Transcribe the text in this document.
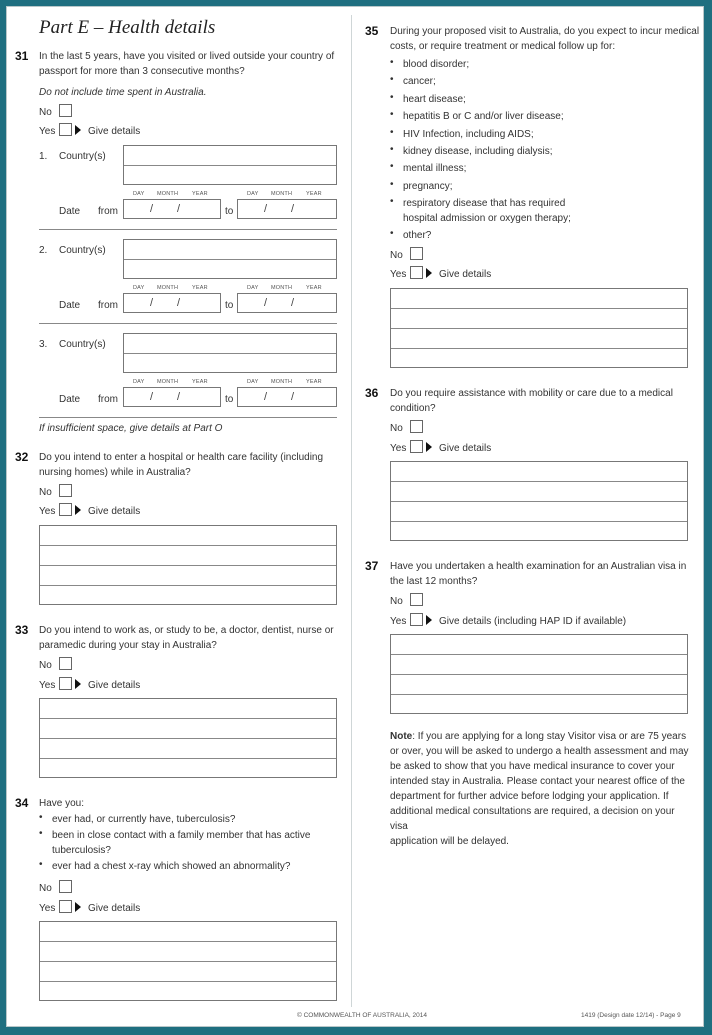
Part E – Health details
31 In the last 5 years, have you visited or lived outside your country of
passport for more than 3 consecutive months?
Do not include time spent in Australia.
No
Yes	Give details
1. Country(s)
DAY MONTH	YEAR	DAY MONTH	YEAR
Date from	/ /	to	/ /
2. Country(s)
DAY MONTH	YEAR	DAY MONTH	YEAR
Date from	/ /	to	/ /
3. Country(s)
DAY MONTH	YEAR	DAY MONTH	YEAR
Date from	/ /	to	/ /
If insufficient space, give details at Part O
32 Do you intend to enter a hospital or health care facility (including
nursing homes) while in Australia?
No
Yes	Give details
33 Do you intend to work as, or study to be, a doctor, dentist, nurse or
paramedic during your stay in Australia?
No
Yes	Give details
34 Have you:
• ever had, or currently have, tuberculosis?
• been in close contact with a family member that has active
tuberculosis?
• ever had a chest x-ray which showed an abnormality?
No
Yes	Give details
35 During your proposed visit to Australia, do you expect to incur medical
costs, or require treatment or medical follow up for:
• blood disorder;
• cancer;
• heart disease;
• hepatitis B or C and/or liver disease;
• HIV Infection, including AIDS;
• kidney disease, including dialysis;
• mental illness;
• pregnancy;
• respiratory disease that has required
hospital admission or oxygen therapy;
• other?
No
Yes	Give details
36 Do you require assistance with mobility or care due to a medical
condition?
No
Yes	Give details
37 Have you undertaken a health examination for an Australian visa in
the last 12 months?
No
Yes	Give details (including HAP ID if available)
Note: If you are applying for a long stay Visitor visa or are 75 years
or over, you will be asked to undergo a health assessment and may
be asked to show that you have medical insurance to cover your
intended stay in Australia. Please contact your nearest office of the
department for further advice before lodging your application. If
additional medical consultations are required, a decision on your visa
application will be delayed.
© COMMONWEALTH OF AUSTRALIA, 2014	1419 (Design date 12/14) - Page 9
